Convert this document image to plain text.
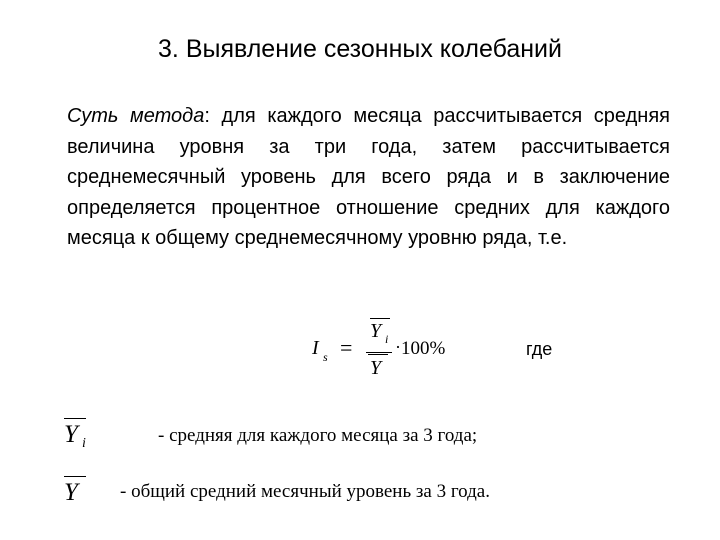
3. Выявление сезонных колебаний

Суть метода: для каждого месяца рассчитывается средняя величина уровня за три года, затем рассчитывается среднемесячный уровень для всего ряда и в заключение определяется процентное отношение средних для каждого месяца к общему среднемесячному уровню ряда, т.е.

I s =
Y i
Y
· 100%	где
Y i	- средняя для каждого месяца за 3 года;
Y - общий средний месячный уровень за 3 года.
